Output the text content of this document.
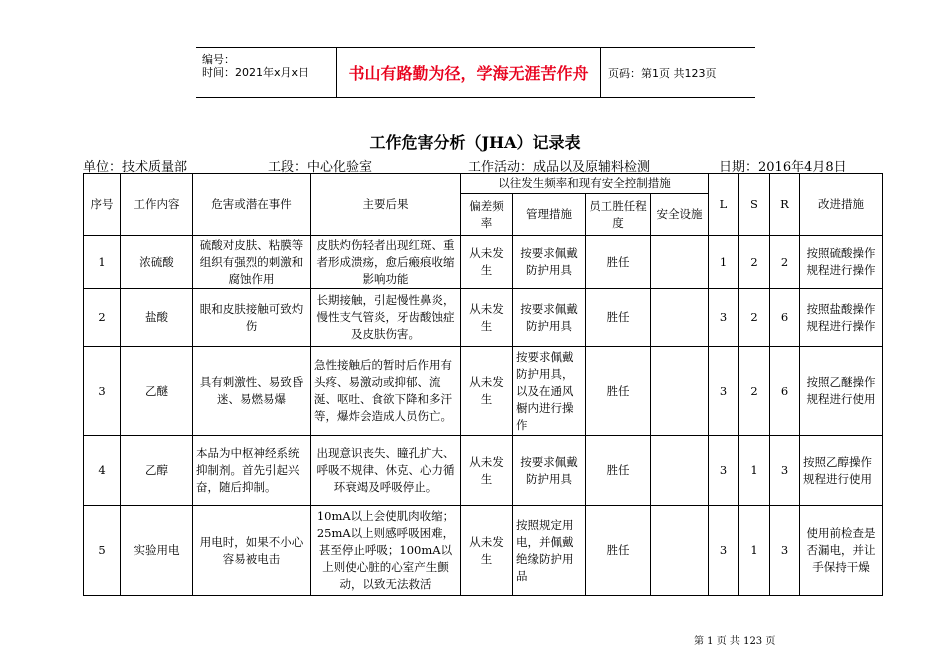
编号：
时间：2021年x月x日	书山有路勤为径，学海无涯苦作舟	页码：第1页 共123页
工作危害分析（JHA）记录表
单位：技术质量部	工段：中心化验室	工作活动：成品以及原辅料检测	日期：2016年4月8日
序号	工作内容	危害或潜在事件	主要后果	以往发生频率和现有安全控制措施				L	S	R	改进措施
				偏差频率	管理措施	员工胜任程度	安全设施				
1	浓硫酸	硫酸对皮肤、粘膜等组织有强烈的刺激和腐蚀作用	皮肤灼伤轻者出现红斑、重者形成溃疡，愈后瘢痕收缩影响功能	从未发生	按要求佩戴防护用具	胜任		1	2	2	按照硫酸操作规程进行操作
2	盐酸	眼和皮肤接触可致灼伤	长期接触，引起慢性鼻炎，慢性支气管炎，牙齿酸蚀症及皮肤伤害。	从未发生	按要求佩戴防护用具	胜任		3	2	6	按照盐酸操作规程进行操作
3	乙醚	具有刺激性、易致昏迷、易燃易爆	急性接触后的暂时后作用有头疼、易激动或抑郁、流涎、呕吐、食欲下降和多汗等，爆炸会造成人员伤亡。	从未发生	按要求佩戴防护用具，以及在通风橱内进行操作	胜任		3	2	6	按照乙醚操作规程进行使用
4	乙醇	本品为中枢神经系统抑制剂。首先引起兴奋，随后抑制。	出现意识丧失、瞳孔扩大、呼吸不规律、休克、心力循环衰竭及呼吸停止。	从未发生	按要求佩戴防护用具	胜任		3	1	3	按照乙醇操作规程进行使用
5	实验用电	用电时，如果不小心容易被电击	10mA以上会使肌肉收缩；25mA以上则感呼吸困难，甚至停止呼吸；100mA以上则使心脏的心室产生颤动，以致无法救活	从未发生	按照规定用电，并佩戴绝缘防护用品	胜任		3	1	3	使用前检查是否漏电，并让手保持干燥
第 1 页 共 123 页
